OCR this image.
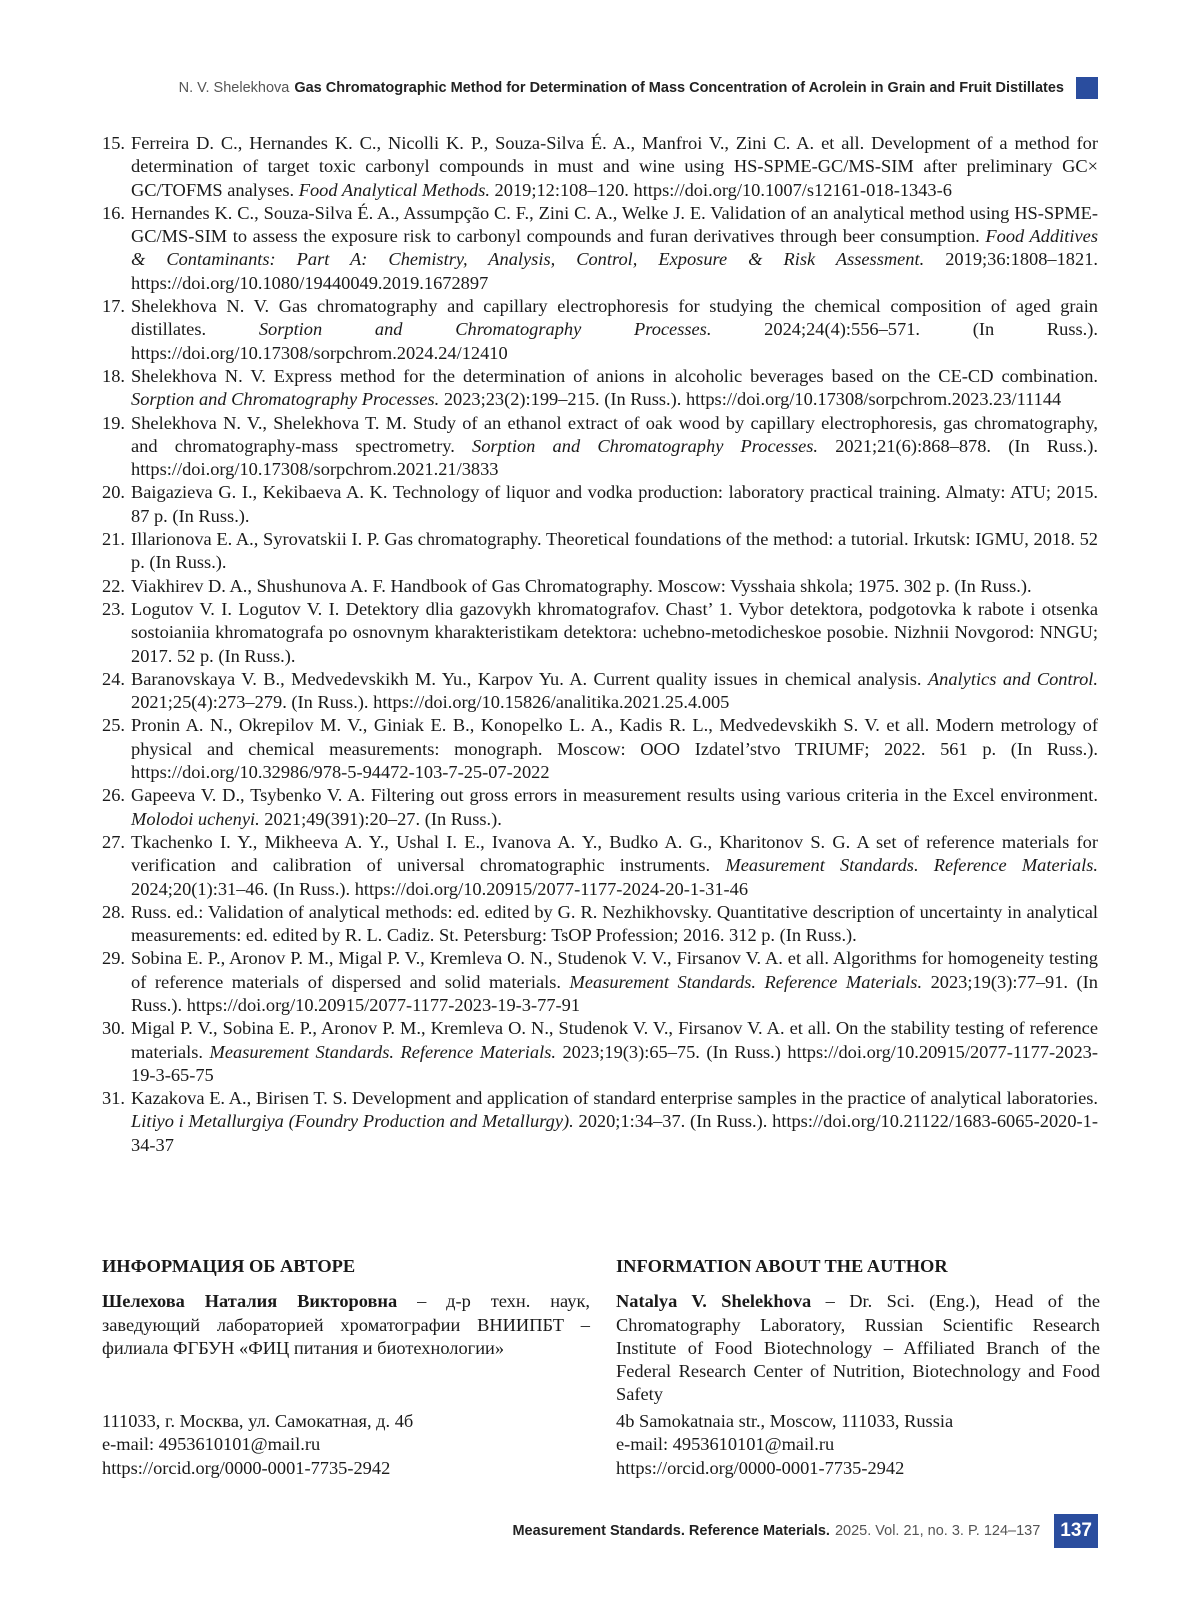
N. V. Shelekhova Gas Chromatographic Method for Determination of Mass Concentration of Acrolein in Grain and Fruit Distillates
15. Ferreira D. C., Hernandes K. C., Nicolli K. P., Souza-Silva É. A., Manfroi V., Zini C. A. et all. Development of a method for determination of target toxic carbonyl compounds in must and wine using HS-SPME-GC/MS-SIM after preliminary GC× GC/TOFMS analyses. Food Analytical Methods. 2019;12:108–120. https://doi.org/10.1007/s12161-018-1343-6
16. Hernandes K. C., Souza-Silva É. A., Assumpção C. F., Zini C. A., Welke J. E. Validation of an analytical method using HS-SPME-GC/MS-SIM to assess the exposure risk to carbonyl compounds and furan derivatives through beer consumption. Food Additives & Contaminants: Part A: Chemistry, Analysis, Control, Exposure & Risk Assessment. 2019;36:1808–1821. https://doi.org/10.1080/19440049.2019.1672897
17. Shelekhova N. V. Gas chromatography and capillary electrophoresis for studying the chemical composition of aged grain distillates. Sorption and Chromatography Processes. 2024;24(4):556–571. (In Russ.). https://doi.org/10.17308/sorpchrom.2024.24/12410
18. Shelekhova N. V. Express method for the determination of anions in alcoholic beverages based on the CE-CD combination. Sorption and Chromatography Processes. 2023;23(2):199–215. (In Russ.). https://doi.org/10.17308/sorpchrom.2023.23/11144
19. Shelekhova N. V., Shelekhova T. M. Study of an ethanol extract of oak wood by capillary electrophoresis, gas chromatography, and chromatography-mass spectrometry. Sorption and Chromatography Processes. 2021;21(6):868–878. (In Russ.). https://doi.org/10.17308/sorpchrom.2021.21/3833
20. Baigazieva G. I., Kekibaeva A. K. Technology of liquor and vodka production: laboratory practical training. Almaty: ATU; 2015. 87 p. (In Russ.).
21. Illarionova E. A., Syrovatskii I. P. Gas chromatography. Theoretical foundations of the method: a tutorial. Irkutsk: IGMU, 2018. 52 p. (In Russ.).
22. Viakhirev D. A., Shushunova A. F. Handbook of Gas Chromatography. Moscow: Vysshaia shkola; 1975. 302 p. (In Russ.).
23. Logutov V. I. Logutov V. I. Detektory dlia gazovykh khromatografov. Chast’ 1. Vybor detektora, podgotovka k rabote i otsenka sostoianiia khromatografa po osnovnym kharakteristikam detektora: uchebno-metodicheskoe posobie. Nizhnii Novgorod: NNGU; 2017. 52 p. (In Russ.).
24. Baranovskaya V. B., Medvedevskikh M. Yu., Karpov Yu. A. Current quality issues in chemical analysis. Analytics and Control. 2021;25(4):273–279. (In Russ.). https://doi.org/10.15826/analitika.2021.25.4.005
25. Pronin A. N., Okrepilov M. V., Giniak E. B., Konopelko L. A., Kadis R. L., Medvedevskikh S. V. et all. Modern metrology of physical and chemical measurements: monograph. Moscow: OOO Izdatel’stvo TRIUMF; 2022. 561 p. (In Russ.). https://doi.org/10.32986/978-5-94472-103-7-25-07-2022
26. Gapeeva V. D., Tsybenko V. A. Filtering out gross errors in measurement results using various criteria in the Excel environment. Molodoi uchenyi. 2021;49(391):20–27. (In Russ.).
27. Tkachenko I. Y., Mikheeva A. Y., Ushal I. E., Ivanova A. Y., Budko A. G., Kharitonov S. G. A set of reference materials for verification and calibration of universal chromatographic instruments. Measurement Standards. Reference Materials. 2024;20(1):31–46. (In Russ.). https://doi.org/10.20915/2077-1177-2024-20-1-31-46
28. Russ. ed.: Validation of analytical methods: ed. edited by G. R. Nezhikhovsky. Quantitative description of uncertainty in analytical measurements: ed. edited by R. L. Cadiz. St. Petersburg: TsOP Profession; 2016. 312 p. (In Russ.).
29. Sobina E. P., Aronov P. M., Migal P. V., Kremleva O. N., Studenok V. V., Firsanov V. A. et all. Algorithms for homogeneity testing of reference materials of dispersed and solid materials. Measurement Standards. Reference Materials. 2023;19(3):77–91. (In Russ.). https://doi.org/10.20915/2077-1177-2023-19-3-77-91
30. Migal P. V., Sobina E. P., Aronov P. M., Kremleva O. N., Studenok V. V., Firsanov V. A. et all. On the stability testing of reference materials. Measurement Standards. Reference Materials. 2023;19(3):65–75. (In Russ.) https://doi.org/10.20915/2077-1177-2023-19-3-65-75
31. Kazakova E. A., Birisen T. S. Development and application of standard enterprise samples in the practice of analytical laboratories. Litiyo i Metallurgiya (Foundry Production and Metallurgy). 2020;1:34–37. (In Russ.). https://doi.org/10.21122/1683-6065-2020-1-34-37
ИНФОРМАЦИЯ ОБ АВТОРЕ
Шелехова Наталия Викторовна – д-р техн. наук, заведующий лабораторией хроматографии ВНИИПБТ – филиала ФГБУН «ФИЦ питания и биотехнологии»
111033, г. Москва, ул. Самокатная, д. 4б
e-mail: 4953610101@mail.ru
https://orcid.org/0000-0001-7735-2942
INFORMATION ABOUT THE AUTHOR
Natalya V. Shelekhova – Dr. Sci. (Eng.), Head of the Chromatography Laboratory, Russian Scientific Research Institute of Food Biotechnology – Affiliated Branch of the Federal Research Center of Nutrition, Biotechnology and Food Safety
4b Samokatnaia str., Moscow, 111033, Russia
e-mail: 4953610101@mail.ru
https://orcid.org/0000-0001-7735-2942
Measurement Standards. Reference Materials. 2025. Vol. 21, no. 3. P. 124–137	137
